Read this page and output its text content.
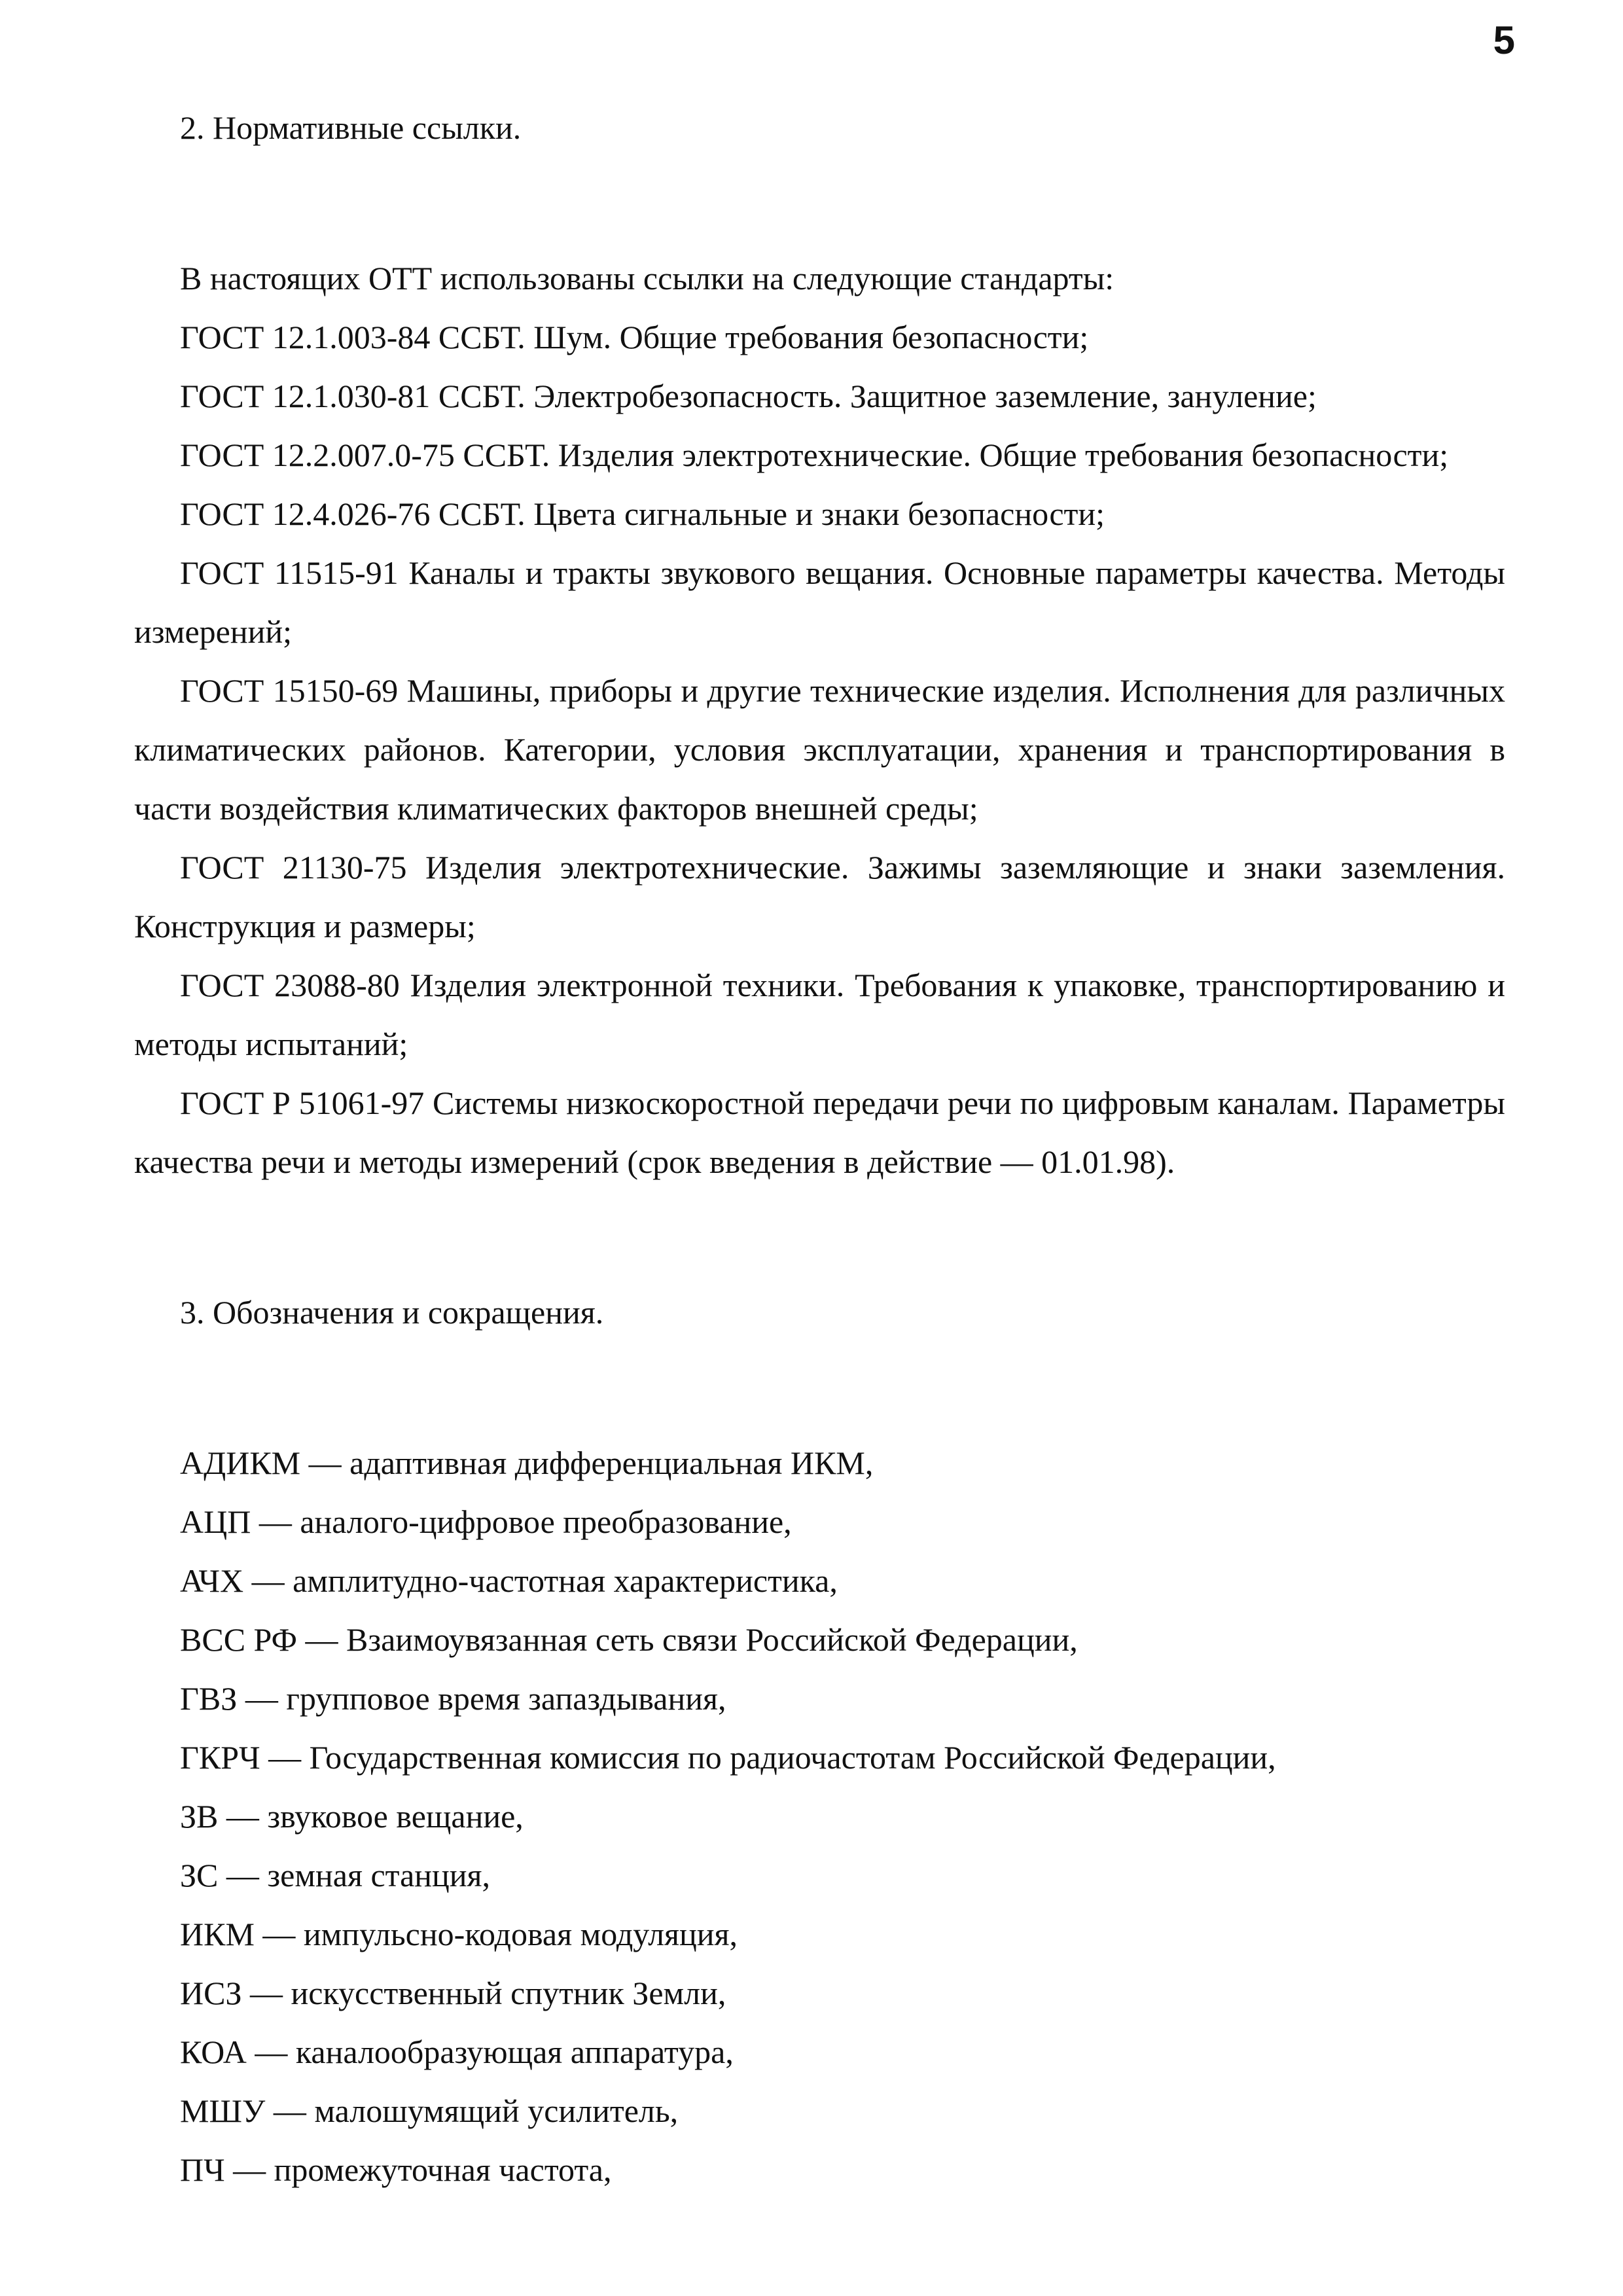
5
2. Нормативные ссылки.
В настоящих ОТТ использованы ссылки на следующие стандарты:

ГОСТ 12.1.003-84 ССБТ. Шум. Общие требования безопасности;

ГОСТ 12.1.030-81 ССБТ. Электробезопасность. Защитное заземление, зануление;

ГОСТ 12.2.007.0-75 ССБТ. Изделия электротехнические. Общие требования безопасности;

ГОСТ 12.4.026-76 ССБТ. Цвета сигнальные и знаки безопасности;

ГОСТ 11515-91 Каналы и тракты звукового вещания. Основные параметры качества. Методы измерений;

ГОСТ 15150-69 Машины, приборы и другие технические изделия. Исполнения для различных климатических районов. Категории, условия эксплуатации, хранения и транспортирования в части воздействия климатических факторов внешней среды;

ГОСТ 21130-75 Изделия электротехнические. Зажимы заземляющие и знаки заземления. Конструкция и размеры;

ГОСТ 23088-80 Изделия электронной техники. Требования к упаковке, транспортированию и методы испытаний;

ГОСТ Р 51061-97 Системы низкоскоростной передачи речи по цифровым каналам. Параметры качества речи и методы измерений (срок введения в действие — 01.01.98).

3. Обозначения и сокращения.
АДИКМ — адаптивная дифференциальная ИКМ,
АЦП — аналого-цифровое преобразование,
АЧХ — амплитудно-частотная характеристика,
ВСС РФ — Взаимоувязанная сеть связи Российской Федерации,
ГВЗ — групповое время запаздывания,
ГКРЧ — Государственная комиссия по радиочастотам Российской Федерации,
ЗВ — звуковое вещание,
ЗС — земная станция,
ИКМ — импульсно-кодовая модуляция,
ИСЗ — искусственный спутник Земли,
КОА — каналообразующая аппаратура,
МШУ — малошумящий усилитель,
ПЧ — промежуточная частота,
